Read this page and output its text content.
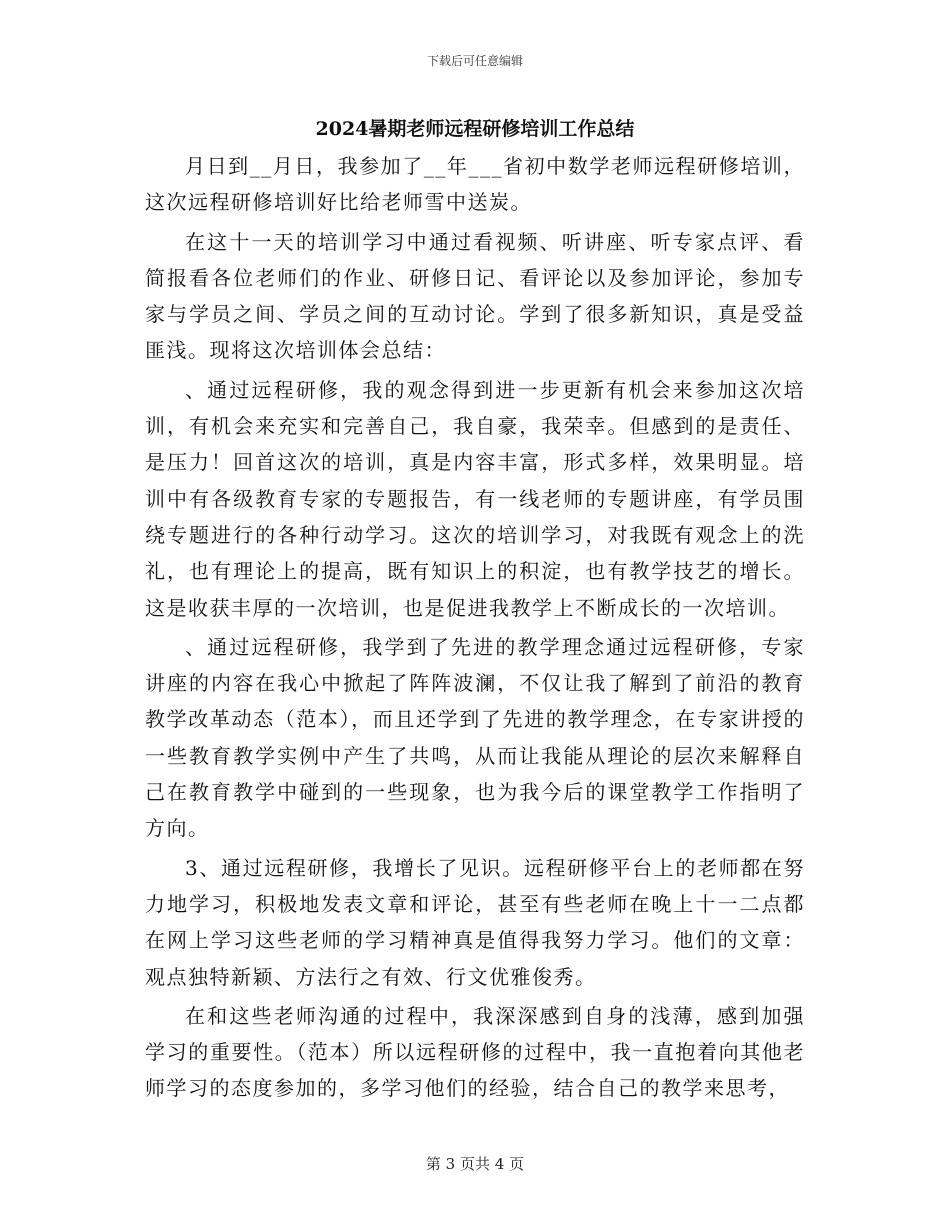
下载后可任意编辑
2024暑期老师远程研修培训工作总结

月日到__月日，我参加了__年___省初中数学老师远程研修培训，这次远程研修培训好比给老师雪中送炭。

在这十一天的培训学习中通过看视频、听讲座、听专家点评、看简报看各位老师们的作业、研修日记、看评论以及参加评论，参加专家与学员之间、学员之间的互动讨论。学到了很多新知识，真是受益匪浅。现将这次培训体会总结：

、通过远程研修，我的观念得到进一步更新有机会来参加这次培训，有机会来充实和完善自己，我自豪，我荣幸。但感到的是责任、是压力！回首这次的培训，真是内容丰富，形式多样，效果明显。培训中有各级教育专家的专题报告，有一线老师的专题讲座，有学员围绕专题进行的各种行动学习。这次的培训学习，对我既有观念上的洗礼，也有理论上的提高，既有知识上的积淀，也有教学技艺的增长。这是收获丰厚的一次培训，也是促进我教学上不断成长的一次培训。

、通过远程研修，我学到了先进的教学理念通过远程研修，专家讲座的内容在我心中掀起了阵阵波澜，不仅让我了解到了前沿的教育教学改革动态（范本），而且还学到了先进的教学理念，在专家讲授的一些教育教学实例中产生了共鸣，从而让我能从理论的层次来解释自己在教育教学中碰到的一些现象，也为我今后的课堂教学工作指明了方向。

3、通过远程研修，我增长了见识。远程研修平台上的老师都在努力地学习，积极地发表文章和评论，甚至有些老师在晚上十一二点都在网上学习这些老师的学习精神真是值得我努力学习。他们的文章：观点独特新颖、方法行之有效、行文优雅俊秀。

在和这些老师沟通的过程中，我深深感到自身的浅薄，感到加强学习的重要性。（范本）所以远程研修的过程中，我一直抱着向其他老师学习的态度参加的，多学习他们的经验，结合自己的教学来思考，

第 3 页共 4 页
